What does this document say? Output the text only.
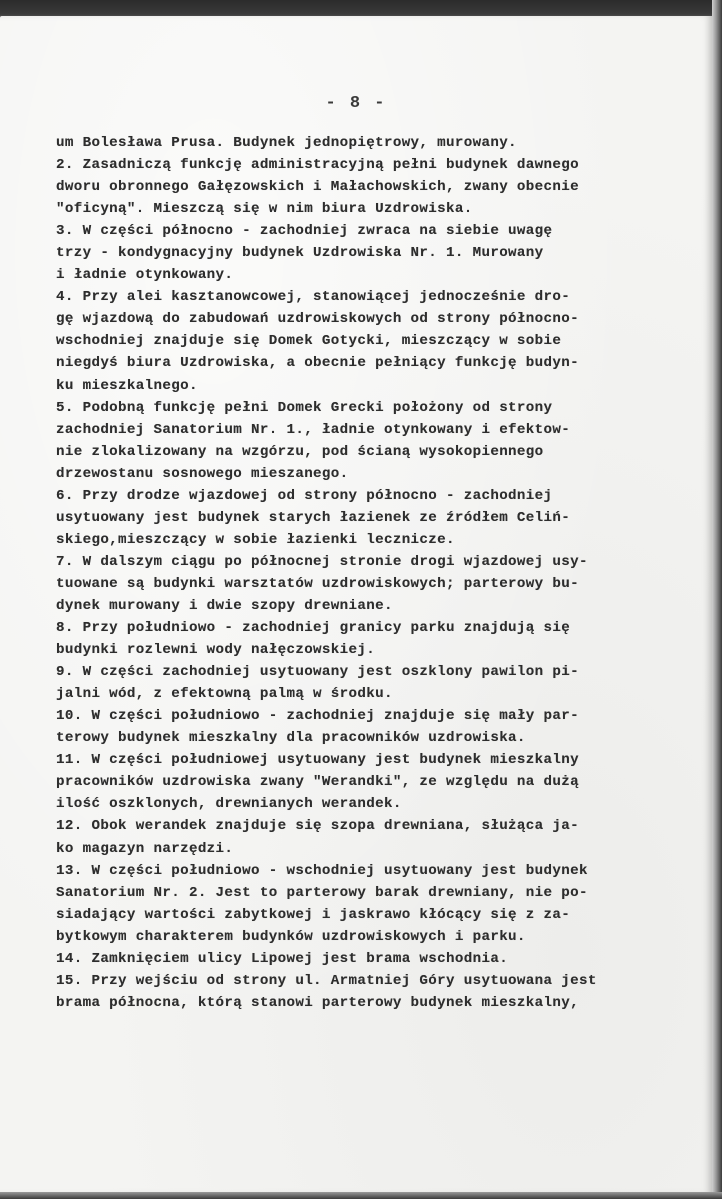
- 8 -
um Bolesława Prusa. Budynek jednopiętrowy, murowany.
2. Zasadniczą funkcję administracyjną pełni budynek dawnego
dworu obronnego Gałęzowskich i Małachowskich, zwany obecnie
"oficyną". Mieszczą się w nim biura Uzdrowiska.
3. W części północno - zachodniej zwraca na siebie uwagę
trzy - kondygnacyjny budynek Uzdrowiska Nr. 1. Murowany
i ładnie otynkowany.
4. Przy alei kasztanowcowej, stanowiącej jednocześnie dro-
gę wjazdową do zabudowań uzdrowiskowych od strony północno-
wschodniej znajduje się Domek Gotycki, mieszczący w sobie
niegdyś biura Uzdrowiska, a obecnie pełniący funkcję budyn-
ku mieszkalnego.
5. Podobną funkcję pełni Domek Grecki położony od strony
zachodniej Sanatorium Nr. 1., ładnie otynkowany i efektow-
nie zlokalizowany na wzgórzu, pod ścianą wysokopiennego
drzewostanu sosnowego mieszanego.
6. Przy drodze wjazdowej od strony północno - zachodniej
usytuowany jest budynek starych łazienek ze źródłem Celiń-
skiego,mieszczący w sobie łazienki lecznicze.
7. W dalszym ciągu po północnej stronie drogi wjazdowej usy-
tuowane są budynki warsztatów uzdrowiskowych; parterowy bu-
dynek murowany i dwie szopy drewniane.
8. Przy południowo - zachodniej granicy parku znajdują się
budynki rozlewni wody nałęczowskiej.
9. W części zachodniej usytuowany jest oszklony pawilon pi-
jalni wód, z efektowną palmą w środku.
10. W części południowo - zachodniej znajduje się mały par-
terowy budynek mieszkalny dla pracowników uzdrowiska.
11. W części południowej usytuowany jest budynek mieszkalny
pracowników uzdrowiska zwany "Werandki", ze względu na dużą
ilość oszklonych, drewnianych werandek.
12. Obok werandek znajduje się szopa drewniana, służąca ja-
ko magazyn narzędzi.
13. W części południowo - wschodniej usytuowany jest budynek
Sanatorium Nr. 2. Jest to parterowy barak drewniany, nie po-
siadający wartości zabytkowej i jaskrawo kłócący się z za-
bytkowym charakterem budynków uzdrowiskowych i parku.
14. Zamknięciem ulicy Lipowej jest brama wschodnia.
15. Przy wejściu od strony ul. Armatniej Góry usytuowana jest
brama północna, którą stanowi parterowy budynek mieszkalny,
